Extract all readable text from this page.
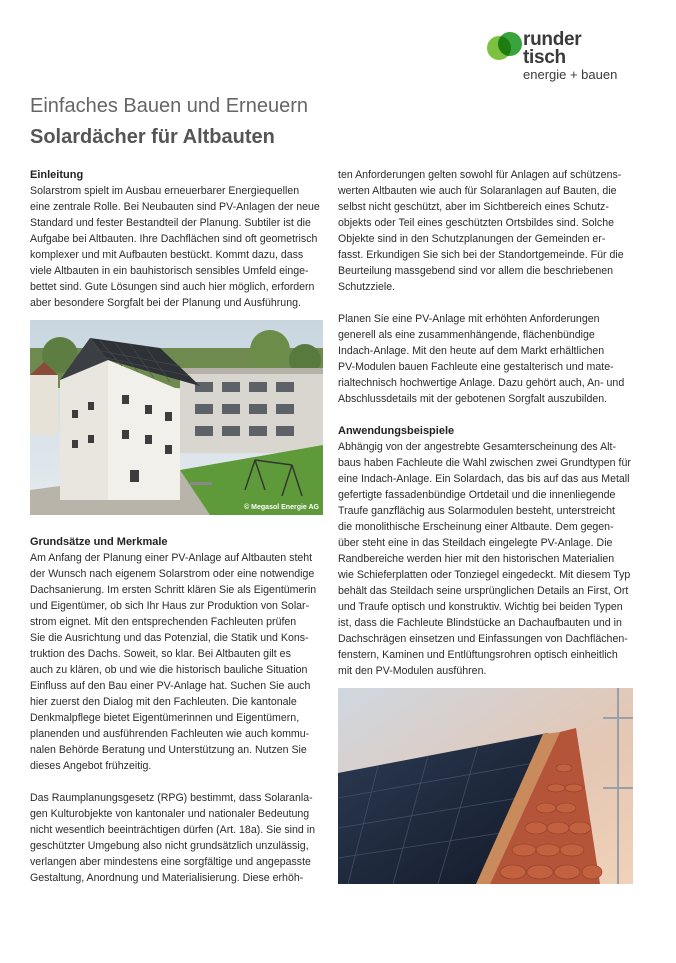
runder
tisch
energie + bauen
Einfaches Bauen und Erneuern
Solardächer für Altbauten
Einleitung

Solarstrom spielt im Ausbau erneuerbarer Energiequellen
eine zentrale Rolle. Bei Neubauten sind PV-Anlagen der neue
Standard und fester Bestandteil der Planung. Subtiler ist die
Aufgabe bei Altbauten. Ihre Dachflächen sind oft geometrisch
komplexer und mit Aufbauten bestückt. Kommt dazu, dass
viele Altbauten in ein bauhistorisch sensibles Umfeld einge-
bettet sind. Gute Lösungen sind auch hier möglich, erfordern
aber besondere Sorgfalt bei der Planung und Ausführung.

© Megasol Energie AG
Grundsätze und Merkmale

Am Anfang der Planung einer PV-Anlage auf Altbauten steht
der Wunsch nach eigenem Solarstrom oder eine notwendige
Dachsanierung. Im ersten Schritt klären Sie als Eigentümerin
und Eigentümer, ob sich Ihr Haus zur Produktion von Solar-
strom eignet. Mit den entsprechenden Fachleuten prüfen
Sie die Ausrichtung und das Potenzial, die Statik und Kons-
truktion des Dachs. Soweit, so klar. Bei Altbauten gilt es
auch zu klären, ob und wie die historisch bauliche Situation
Einfluss auf den Bau einer PV-Anlage hat. Suchen Sie auch
hier zuerst den Dialog mit den Fachleuten. Die kantonale
Denkmalpflege bietet Eigentümerinnen und Eigentümern,
planenden und ausführenden Fachleuten wie auch kommu-
nalen Behörde Beratung und Unterstützung an. Nutzen Sie
dieses Angebot frühzeitig.

Das Raumplanungsgesetz (RPG) bestimmt, dass Solaranla-
gen Kulturobjekte von kantonaler und nationaler Bedeutung
nicht wesentlich beeinträchtigen dürfen (Art. 18a). Sie sind in
geschützter Umgebung also nicht grundsätzlich unzulässig,
verlangen aber mindestens eine sorgfältige und angepasste
Gestaltung, Anordnung und Materialisierung. Diese erhöh-

ten Anforderungen gelten sowohl für Anlagen auf schützens-
werten Altbauten wie auch für Solaranlagen auf Bauten, die
selbst nicht geschützt, aber im Sichtbereich eines Schutz-
objekts oder Teil eines geschützten Ortsbildes sind. Solche
Objekte sind in den Schutzplanungen der Gemeinden er-
fasst. Erkundigen Sie sich bei der Standortgemeinde. Für die
Beurteilung massgebend sind vor allem die beschriebenen
Schutzziele.

Planen Sie eine PV-Anlage mit erhöhten Anforderungen
generell als eine zusammenhängende, flächenbündige
Indach-Anlage. Mit den heute auf dem Markt erhältlichen
PV-Modulen bauen Fachleute eine gestalterisch und mate-
rialtechnisch hochwertige Anlage. Dazu gehört auch, An- und
Abschlussdetails mit der gebotenen Sorgfalt auszubilden.

Anwendungsbeispiele

Abhängig von der angestrebte Gesamterscheinung des Alt-
baus haben Fachleute die Wahl zwischen zwei Grundtypen für
eine Indach-Anlage. Ein Solardach, das bis auf das aus Metall
gefertigte fassadenbündige Ortdetail und die innenliegende
Traufe ganzflächig aus Solarmodulen besteht, unterstreicht
die monolithische Erscheinung einer Altbaute. Dem gegen-
über steht eine in das Steildach eingelegte PV-Anlage. Die
Randbereiche werden hier mit den historischen Materialien
wie Schieferplatten oder Tonziegel eingedeckt. Mit diesem Typ
behält das Steildach seine ursprünglichen Details an First, Ort
und Traufe optisch und konstruktiv. Wichtig bei beiden Typen
ist, dass die Fachleute Blindstücke an Dachaufbauten und in
Dachschrägen einsetzen und Einfassungen von Dachflächen-
fenstern, Kaminen und Entlüftungsrohren optisch einheitlich
mit den PV-Modulen ausführen.
